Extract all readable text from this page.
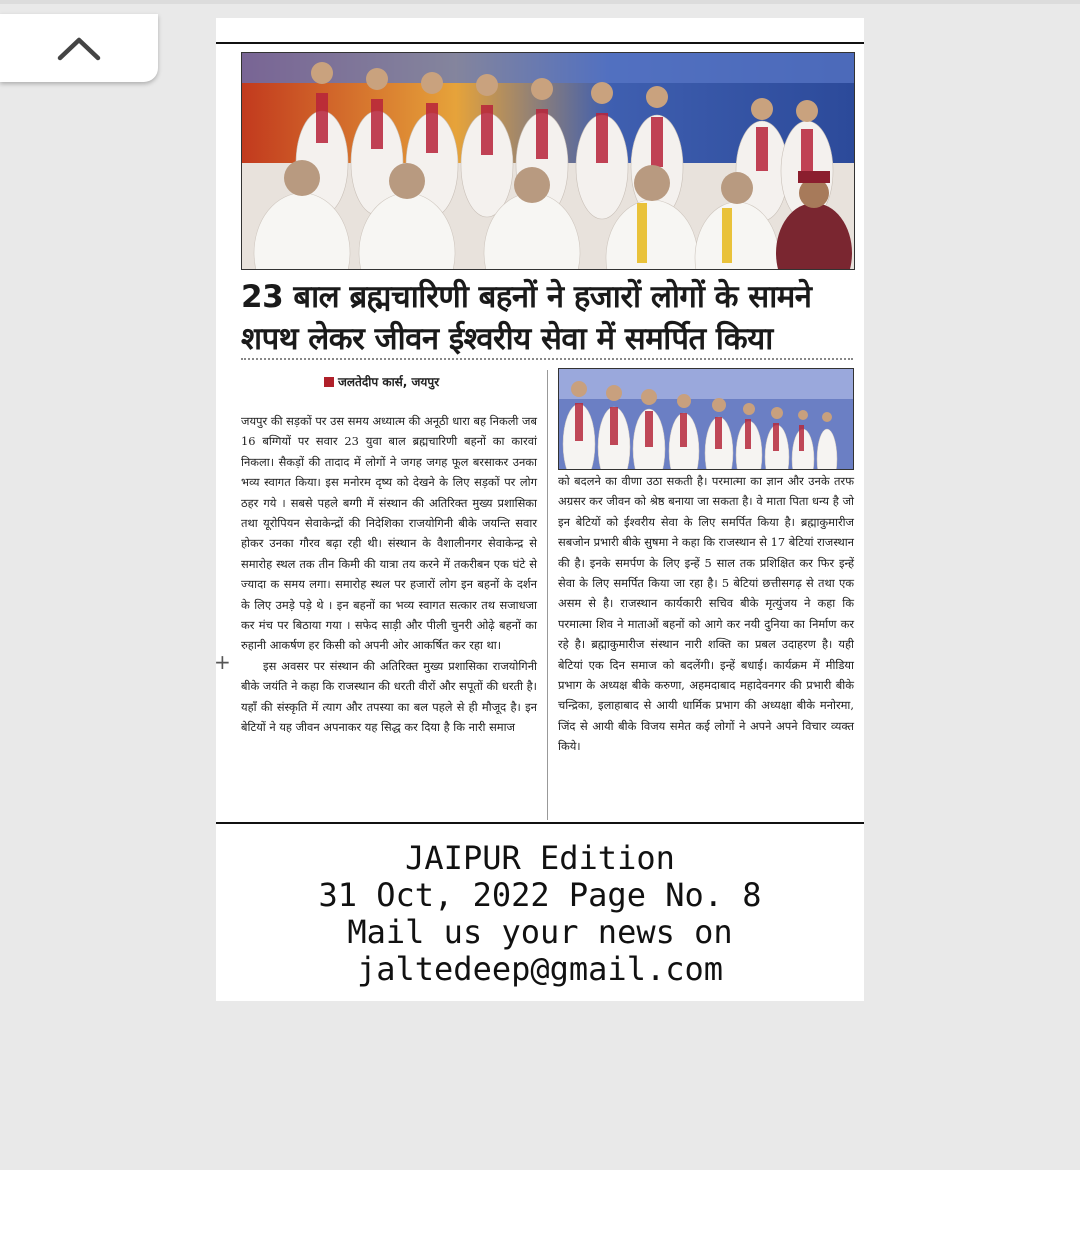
23 बाल ब्रह्मचारिणी बहनों ने हजारों लोगों के सामने शपथ लेकर जीवन ईश्वरीय सेवा में समर्पित किया
जलतेदीप कार्स, जयपुर

जयपुर की सड़कों पर उस समय अध्यात्म की अनूठी धारा बह निकली जब 16 बग्गियों पर सवार 23 युवा बाल ब्रह्मचारिणी बहनों का कारवां निकला। सैकड़ों की तादाद में लोगों ने जगह जगह फूल बरसाकर उनका भव्य स्वागत किया। इस मनोरम दृष्य को देखने के लिए सड़कों पर लोग ठहर गये । सबसे पहले बग्गी में संस्थान की अतिरिक्त मुख्य प्रशासिका तथा यूरोपियन सेवाकेन्द्रों की निदेशिका राजयोगिनी बीके जयन्ति सवार होकर उनका गौरव बढ़ा रही थी। संस्थान के वैशालीनगर सेवाकेन्द्र से समारोह स्थल तक तीन किमी की यात्रा तय करने में तकरीबन एक घंटे से ज्यादा क समय लगा। समारोह स्थल पर हजारों लोग इन बहनों के दर्शन के लिए उमड़े पड़े थे । इन बहनों का भव्य स्वागत सत्कार तथ सजाधजा कर मंच पर बिठाया गया । सफेद साड़ी और पीली चुनरी ओढ़े बहनों का रुहानी आकर्षण हर किसी को अपनी ओर आकर्षित कर रहा था।

इस अवसर पर संस्थान की अतिरिक्त मुख्य प्रशासिका राजयोगिनी बीके जयंति ने कहा कि राजस्थान की धरती वीरों और सपूतों की धरती है। यहाँ की संस्कृति में त्याग और तपस्या का बल पहले से ही मौजूद है। इन बेटियों ने यह जीवन अपनाकर यह सिद्ध कर दिया है कि नारी समाज

को बदलने का वीणा उठा सकती है। परमात्मा का ज्ञान और उनके तरफ अग्रसर कर जीवन को श्रेष्ठ बनाया जा सकता है। वे माता पिता धन्य है जो इन बेटियों को ईश्वरीय सेवा के लिए समर्पित किया है। ब्रह्माकुमारीज सबजोन प्रभारी बीके सुषमा ने कहा कि राजस्थान से 17 बेटियां राजस्थान की है। इनके समर्पण के लिए इन्हें 5 साल तक प्रशिक्षित कर फिर इन्हें सेवा के लिए समर्पित किया जा रहा है। 5 बेटियां छत्तीसगढ़ से तथा एक असम से है। राजस्थान कार्यकारी सचिव बीके मृत्युंजय ने कहा कि परमात्मा शिव ने माताओं बहनों को आगे कर नयी दुनिया का निर्माण कर रहे है। ब्रह्माकुमारीज संस्थान नारी शक्ति का प्रबल उदाहरण है। यही बेटियां एक दिन समाज को बदलेंगी। इन्हें बधाई। कार्यक्रम में मीडिया प्रभाग के अध्यक्ष बीके करुणा, अहमदाबाद महादेवनगर की प्रभारी बीके चन्द्रिका, इलाहाबाद से आयी धार्मिक प्रभाग की अध्यक्षा बीके मनोरमा, जिंद से आयी बीके विजय समेत कई लोगों ने अपने अपने विचार व्यक्त किये।

JAIPUR Edition
31 Oct, 2022 Page No. 8
Mail us your news on
jaltedeep@gmail.com
+
